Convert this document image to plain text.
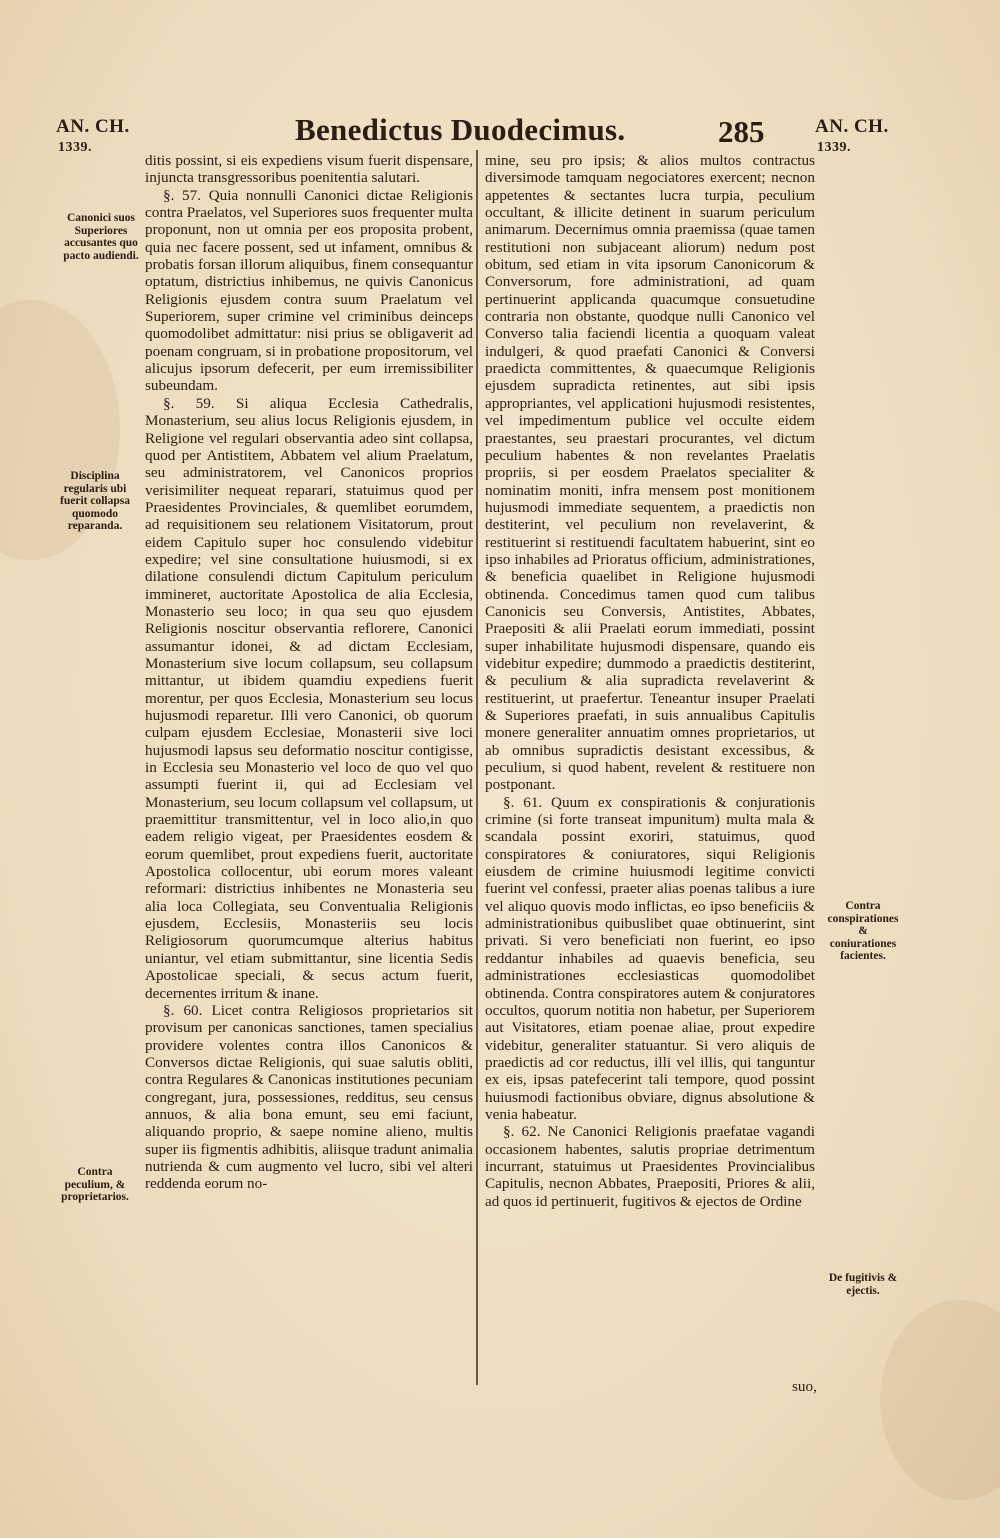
AN. CH.
1339.
Benedictus Duodecimus.	285	AN. CH.
1339.
Canonici suos Superiores accusantes quo pacto audiendi.
Disciplina regularis ubi fuerit collapsa quomodo reparanda.
Contra peculium, & proprietarios.
Contra conspirationes & coniurationes facientes.
De fugitivis & ejectis.

ditis possint, si eis expediens visum fuerit dispensare, injuncta transgressoribus poenitentia salutari.

§. 57. Quia nonnulli Canonici dictae Religionis contra Praelatos, vel Superiores suos frequenter multa proponunt, non ut omnia per eos proposita probent, quia nec facere possent, sed ut infament, omnibus & probatis forsan illorum aliquibus, finem consequantur optatum, districtius inhibemus, ne quivis Canonicus Religionis ejusdem contra suum Praelatum vel Superiorem, super crimine vel criminibus deinceps quomodolibet admittatur: nisi prius se obligaverit ad poenam congruam, si in probatione propositorum, vel alicujus ipsorum defecerit, per eum irremissibiliter subeundam.

§. 59. Si aliqua Ecclesia Cathedralis, Monasterium, seu alius locus Religionis ejusdem, in Religione vel regulari observantia adeo sint collapsa, quod per Antistitem, Abbatem vel alium Praelatum, seu administratorem, vel Canonicos proprios verisimiliter nequeat reparari, statuimus quod per Praesidentes Provinciales, & quemlibet eorumdem, ad requisitionem seu relationem Visitatorum, prout eidem Capitulo super hoc consulendo videbitur expedire; vel sine consultatione huiusmodi, si ex dilatione consulendi dictum Capitulum periculum immineret, auctoritate Apostolica de alia Ecclesia, Monasterio seu loco; in qua seu quo ejusdem Religionis noscitur observantia reflorere, Canonici assumantur idonei, & ad dictam Ecclesiam, Monasterium sive locum collapsum, seu collapsum mittantur, ut ibidem quamdiu expediens fuerit morentur, per quos Ecclesia, Monasterium seu locus hujusmodi reparetur. Illi vero Canonici, ob quorum culpam ejusdem Ecclesiae, Monasterii sive loci hujusmodi lapsus seu deformatio noscitur contigisse, in Ecclesia seu Monasterio vel loco de quo vel quo assumpti fuerint ii, qui ad Ecclesiam vel Monasterium, seu locum collapsum vel collapsum, ut praemittitur transmittentur, vel in loco alio,in quo eadem religio vigeat, per Praesidentes eosdem & eorum quemlibet, prout expediens fuerit, auctoritate Apostolica collocentur, ubi eorum mores valeant reformari: districtius inhibentes ne Monasteria seu alia loca Collegiata, seu Conventualia Religionis ejusdem, Ecclesiis, Monasteriis seu locis Religiosorum quorumcumque alterius habitus uniantur, vel etiam submittantur, sine licentia Sedis Apostolicae speciali, & secus actum fuerit, decernentes irritum & inane.

§. 60. Licet contra Religiosos proprietarios sit provisum per canonicas sanctiones, tamen specialius providere volentes contra illos Canonicos & Conversos dictae Religionis, qui suae salutis obliti, contra Regulares & Canonicas institutiones pecuniam congregant, jura, possessiones, redditus, seu census annuos, & alia bona emunt, seu emi faciunt, aliquando proprio, & saepe nomine alieno, multis super iis figmentis adhibitis, aliisque tradunt animalia nutrienda & cum augmento vel lucro, sibi vel alteri reddenda eorum no-

mine, seu pro ipsis; & alios multos contractus diversimode tamquam negociatores exercent; necnon appetentes & sectantes lucra turpia, peculium occultant, & illicite detinent in suarum periculum animarum. Decernimus omnia praemissa (quae tamen restitutioni non subjaceant aliorum) nedum post obitum, sed etiam in vita ipsorum Canonicorum & Conversorum, fore administrationi, ad quam pertinuerint applicanda quacumque consuetudine contraria non obstante, quodque nulli Canonico vel Converso talia faciendi licentia a quoquam valeat indulgeri, & quod praefati Canonici & Conversi praedicta committentes, & quaecumque Religionis ejusdem supradicta retinentes, aut sibi ipsis appropriantes, vel applicationi hujusmodi resistentes, vel impedimentum publice vel occulte eidem praestantes, seu praestari procurantes, vel dictum peculium habentes & non revelantes Praelatis propriis, si per eosdem Praelatos specialiter & nominatim moniti, infra mensem post monitionem hujusmodi immediate sequentem, a praedictis non destiterint, vel peculium non revelaverint, & restituerint si restituendi facultatem habuerint, sint eo ipso inhabiles ad Prioratus officium, administrationes, & beneficia quaelibet in Religione hujusmodi obtinenda. Concedimus tamen quod cum talibus Canonicis seu Conversis, Antistites, Abbates, Praepositi & alii Praelati eorum immediati, possint super inhabilitate hujusmodi dispensare, quando eis videbitur expedire; dummodo a praedictis destiterint, & peculium & alia supradicta revelaverint & restituerint, ut praefertur. Teneantur insuper Praelati & Superiores praefati, in suis annualibus Capitulis monere generaliter annuatim omnes proprietarios, ut ab omnibus supradictis desistant excessibus, & peculium, si quod habent, revelent & restituere non postponant.

§. 61. Quum ex conspirationis & conjurationis crimine (si forte transeat impunitum) multa mala & scandala possint exoriri, statuimus, quod conspiratores & coniuratores, siqui Religionis eiusdem de crimine huiusmodi legitime convicti fuerint vel confessi, praeter alias poenas talibus a iure vel aliquo quovis modo inflictas, eo ipso beneficiis & administrationibus quibuslibet quae obtinuerint, sint privati. Si vero beneficiati non fuerint, eo ipso reddantur inhabiles ad quaevis beneficia, seu administrationes ecclesiasticas quomodolibet obtinenda. Contra conspiratores autem & conjuratores occultos, quorum notitia non habetur, per Superiorem aut Visitatores, etiam poenae aliae, prout expedire videbitur, generaliter statuantur. Si vero aliquis de praedictis ad cor reductus, illi vel illis, qui tanguntur ex eis, ipsas patefecerint tali tempore, quod possint huiusmodi factionibus obviare, dignus absolutione & venia habeatur.

§. 62. Ne Canonici Religionis praefatae vagandi occasionem habentes, salutis propriae detrimentum incurrant, statuimus ut Praesidentes Provincialibus Capitulis, necnon Abbates, Praepositi, Priores & alii, ad quos id pertinuerit, fugitivos & ejectos de Ordine

suo,
